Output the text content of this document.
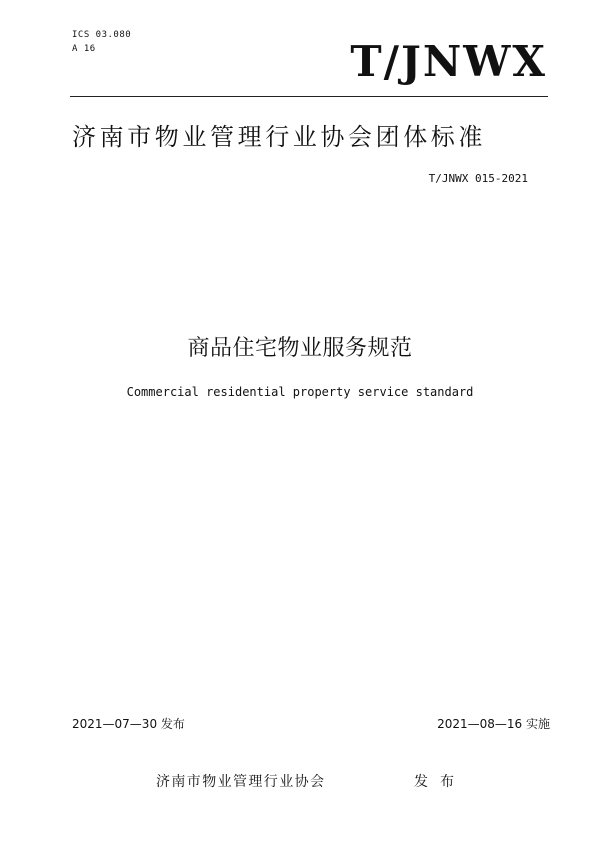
ICS 03.080
A 16	T/JNWX
济南市物业管理行业协会团体标准
T/JNWX 015-2021
商品住宅物业服务规范
Commercial residential property service standard
2021—07—30 发布	2021—08—16 实施
济南市物业管理行业协会	发布
